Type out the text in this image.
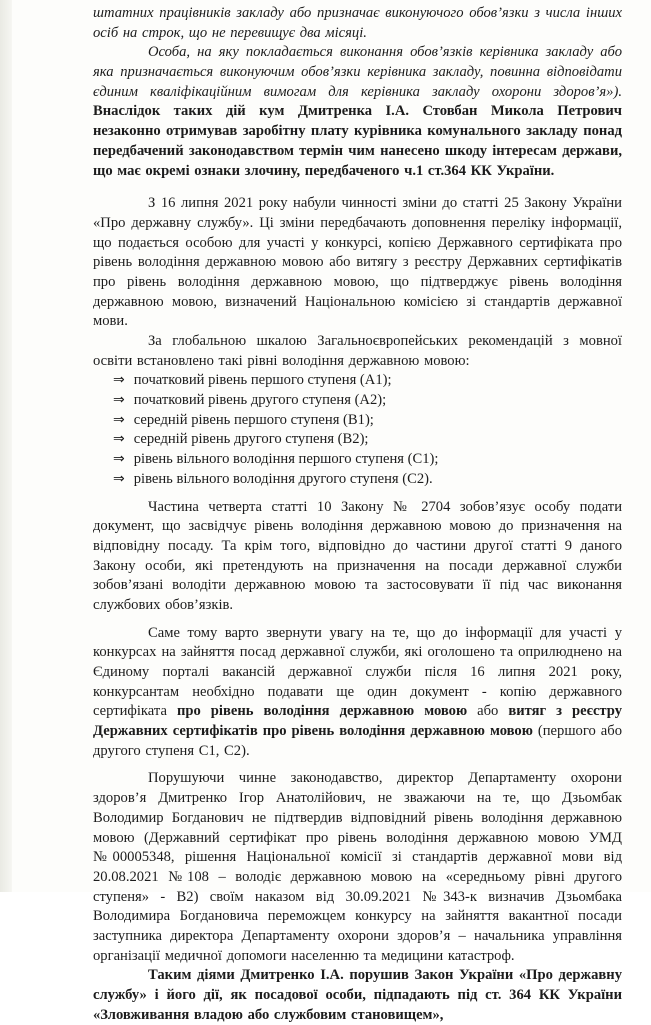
штатних працівників закладу або призначає виконуючого обов’язки з числа інших осіб на строк, що не перевищує два місяці.

Особа, на яку покладається виконання обов’язків керівника закладу або яка призначається виконуючим обов’язки керівника закладу, повинна відповідати єдиним кваліфікаційним вимогам для керівника закладу охорони здоров’я»). Внаслідок таких дій кум Дмитренка І.А. Стовбан Микола Петрович незаконно отримував заробітну плату курівника комунального закладу понад передбачений законодавством термін чим нанесено шкоду інтересам держави, що має окремі ознаки злочину, передбаченого ч.1 ст.364 КК України.

З 16 липня 2021 року набули чинності зміни до статті 25 Закону України «Про державну службу». Ці зміни передбачають доповнення переліку інформації, що подається особою для участі у конкурсі, копією Державного сертифіката про рівень володіння державною мовою або витягу з реєстру Державних сертифікатів про рівень володіння державною мовою, що підтверджує рівень володіння державною мовою, визначений Національною комісією зі стандартів державної мови.

За глобальною шкалою Загальноєвропейських рекомендацій з мовної освіти встановлено такі рівні володіння державною мовою:

⇒ початковий рівень першого ступеня (А1);
⇒ початковий рівень другого ступеня (А2);
⇒ середній рівень першого ступеня (В1);
⇒ середній рівень другого ступеня (В2);
⇒ рівень вільного володіння першого ступеня (С1);
⇒ рівень вільного володіння другого ступеня (С2).

Частина четверта статті 10 Закону № 2704 зобов’язує особу подати документ, що засвідчує рівень володіння державною мовою до призначення на відповідну посаду. Та крім того, відповідно до частини другої статті 9 даного Закону особи, які претендують на призначення на посади державної служби зобов’язані володіти державною мовою та застосовувати її під час виконання службових обов’язків.

Саме тому варто звернути увагу на те, що до інформації для участі у конкурсах на зайняття посад державної служби, які оголошено та оприлюднено на Єдиному порталі вакансій державної служби після 16 липня 2021 року, конкурсантам необхідно подавати ще один документ - копію державного сертифіката про рівень володіння державною мовою або витяг з реєстру Державних сертифікатів про рівень володіння державною мовою (першого або другого ступеня С1, С2).

Порушуючи чинне законодавство, директор Департаменту охорони здоров’я Дмитренко Ігор Анатолійович, не зважаючи на те, що Дзьомбак Володимир Богданович не підтвердив відповідний рівень володіння державною мовою (Державний сертифікат про рівень володіння державною мовою УМД №00005348, рішення Національної комісії зі стандартів державної мови від 20.08.2021 №108 – володіє державною мовою на «середньому рівні другого ступеня» - В2) своїм наказом від 30.09.2021 №343-к визначив Дзьомбака Володимира Богдановича переможцем конкурсу на зайняття вакантної посади заступника директора Департаменту охорони здоров’я – начальника управління організації медичної допомоги населенню та медицини катастроф.

Таким діями Дмитренко І.А. порушив Закон України «Про державну службу» і його дії, як посадової особи, підпадають під ст. 364 КК України «Зловживання владою або службовим становищем»,
